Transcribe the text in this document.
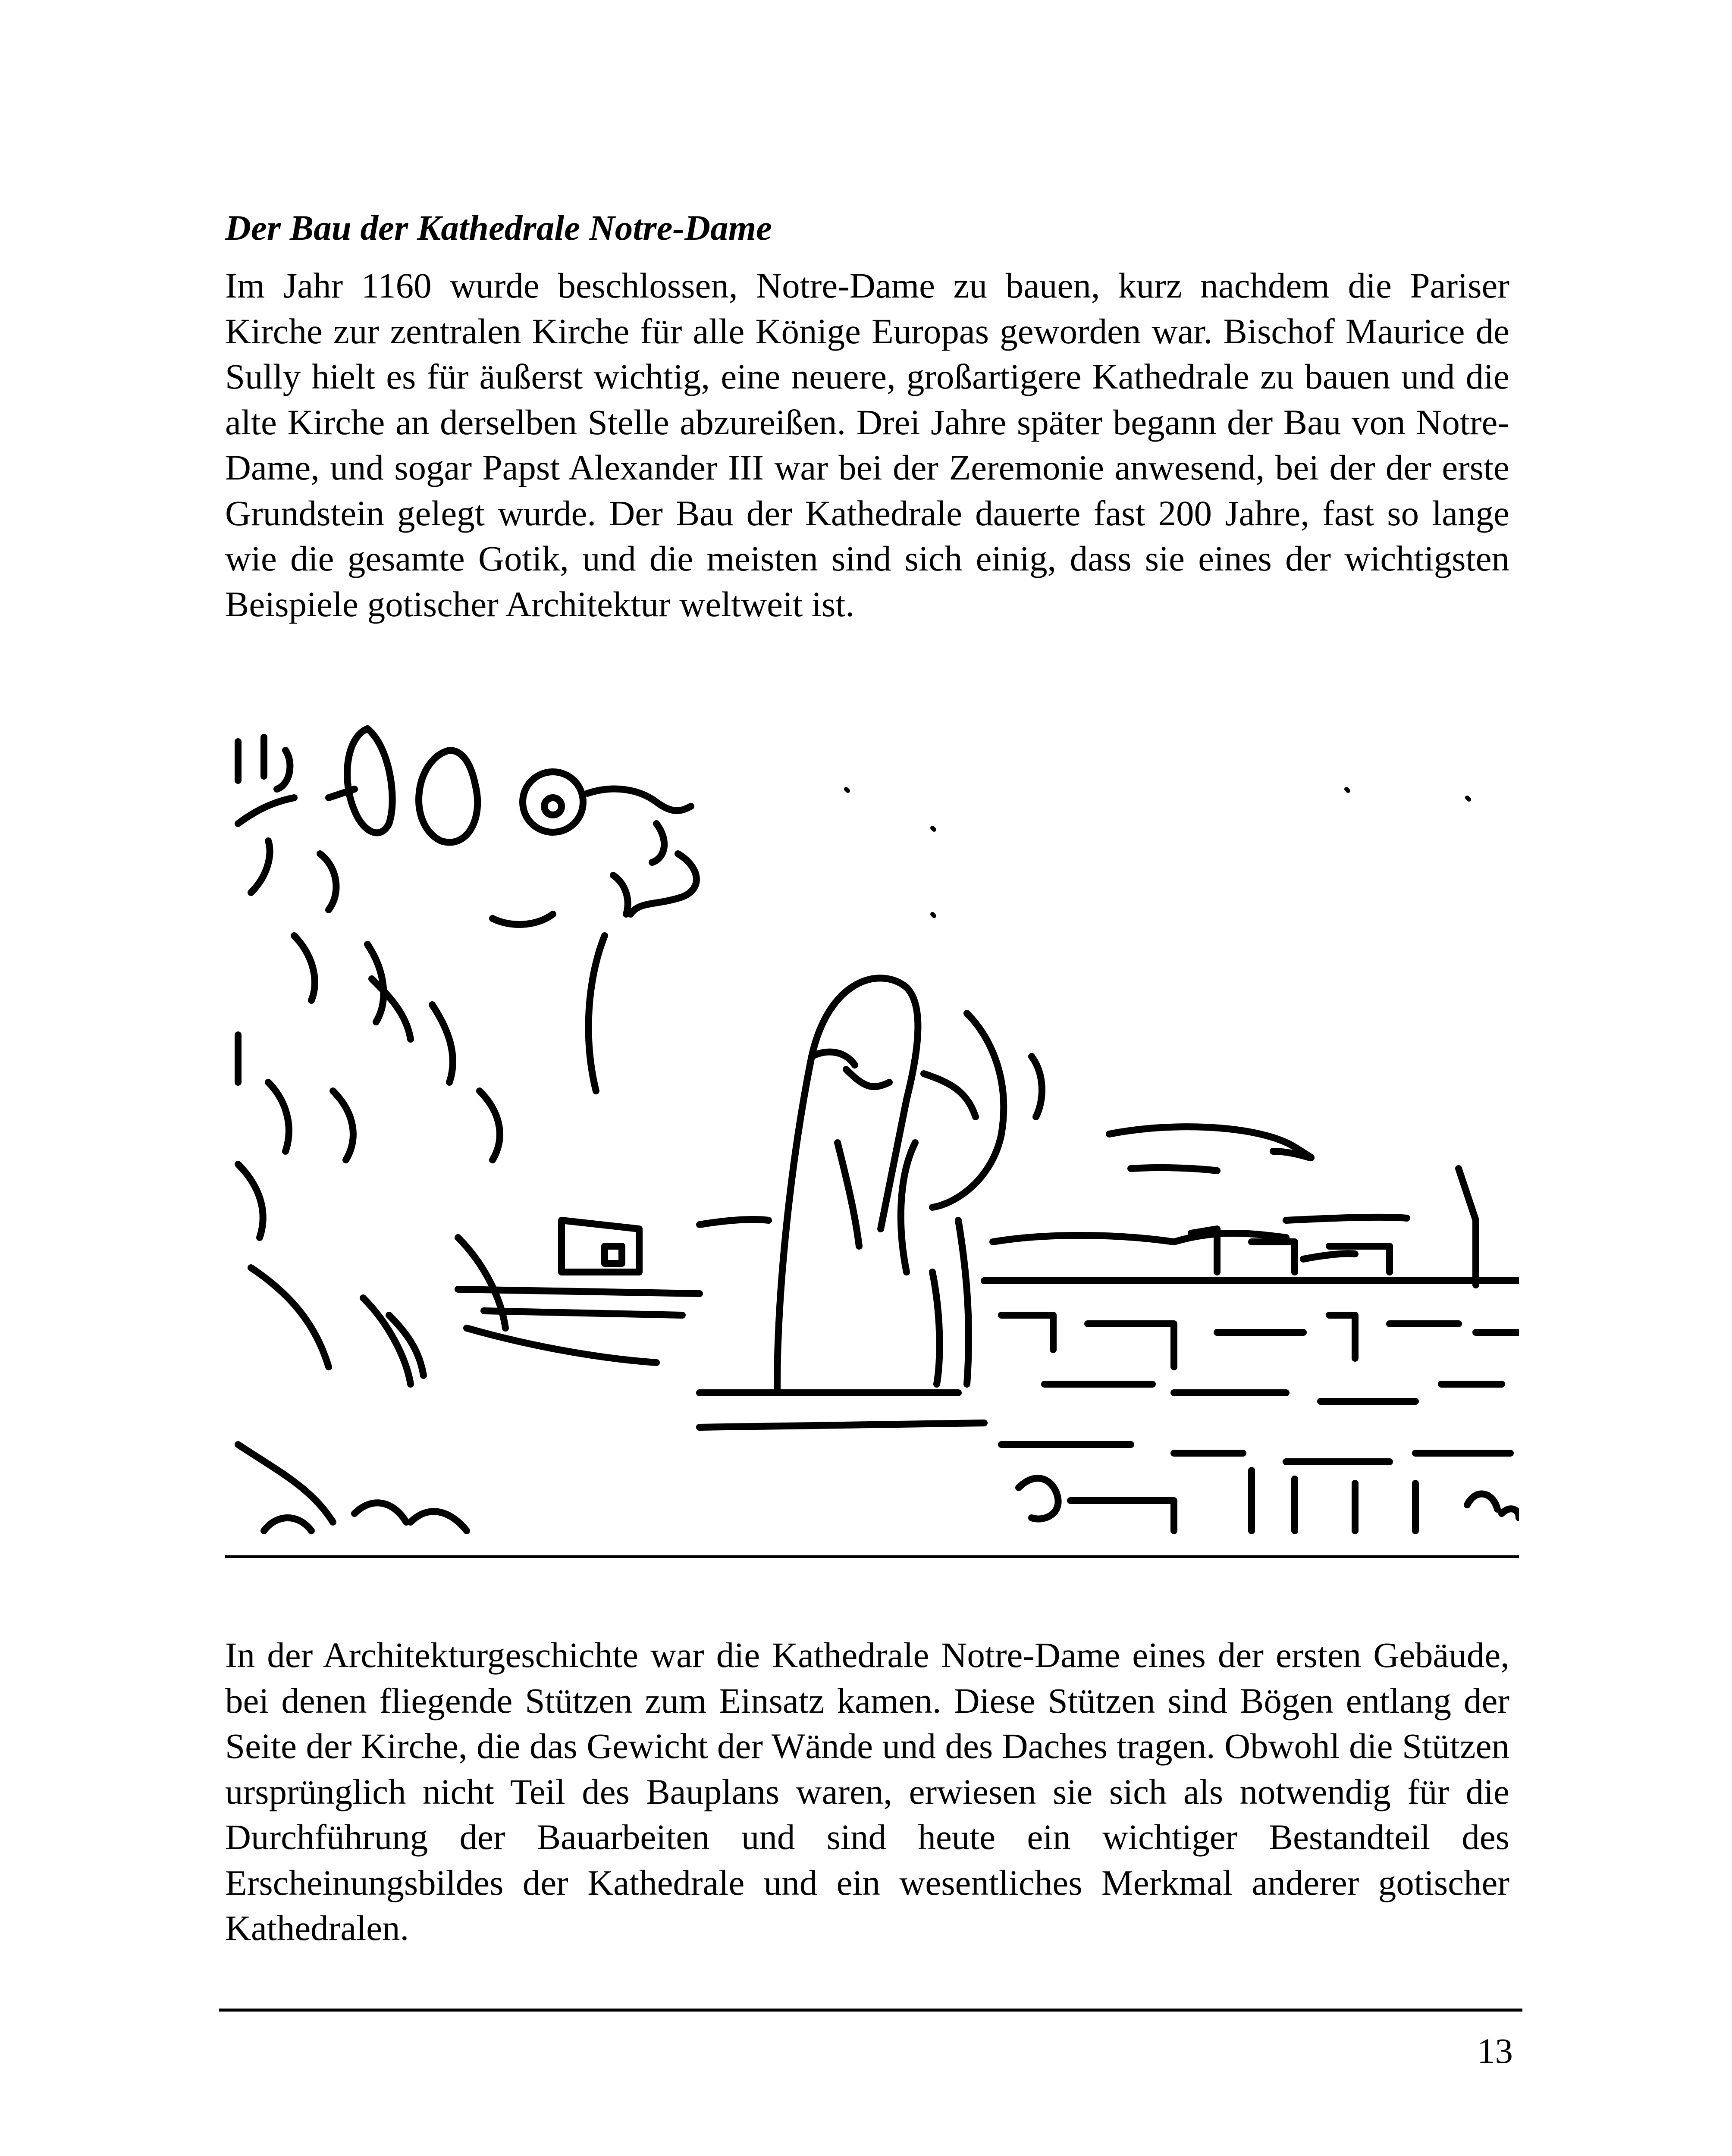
Der Bau der Kathedrale Notre-Dame

Im Jahr 1160 wurde beschlossen, Notre-Dame zu bauen, kurz nachdem die Pariser Kirche zur zentralen Kirche für alle Könige Europas geworden war. Bischof Maurice de Sully hielt es für äußerst wichtig, eine neuere, großartigere Kathedrale zu bauen und die alte Kirche an derselben Stelle abzureißen. Drei Jahre später begann der Bau von Notre-Dame, und sogar Papst Alexander III war bei der Zeremonie anwesend, bei der der erste Grundstein gelegt wurde. Der Bau der Kathedrale dauerte fast 200 Jahre, fast so lange wie die gesamte Gotik, und die meisten sind sich einig, dass sie eines der wichtigsten Beispiele gotischer Architektur weltweit ist.

In der Architekturgeschichte war die Kathedrale Notre-Dame eines der ersten Gebäude, bei denen fliegende Stützen zum Einsatz kamen. Diese Stützen sind Bögen entlang der Seite der Kirche, die das Gewicht der Wände und des Daches tragen. Obwohl die Stützen ursprünglich nicht Teil des Bauplans waren, erwiesen sie sich als notwendig für die Durchführung der Bauarbeiten und sind heute ein wichtiger Bestandteil des Erscheinungsbildes der Kathedrale und ein wesentliches Merkmal anderer gotischer Kathedralen.

13
